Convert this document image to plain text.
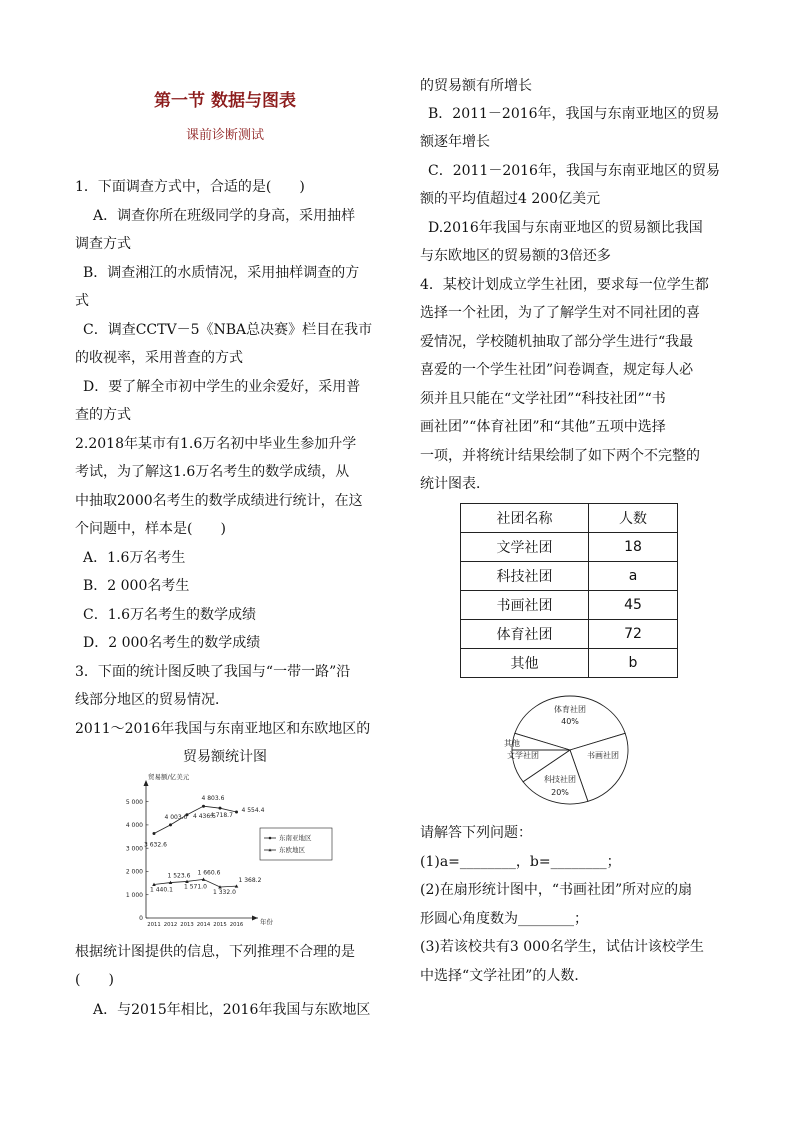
第一节 数据与图表
课前诊断测试
1．下面调查方式中，合适的是(　　)
A．调查你所在班级同学的身高，采用抽样
调查方式
B．调查湘江的水质情况，采用抽样调查的方
式
C．调查CCTV－5《NBA总决赛》栏目在我市
的收视率，采用普查的方式
D．要了解全市初中学生的业余爱好，采用普
查的方式
2.2018年某市有1.6万名初中毕业生参加升学
考试，为了解这1.6万名考生的数学成绩，从
中抽取2000名考生的数学成绩进行统计，在这
个问题中，样本是(　　)
A．1.6万名考生
B．2 000名考生
C．1.6万名考生的数学成绩
D．2 000名考生的数学成绩
3．下面的统计图反映了我国与“一带一路”沿
线部分地区的贸易情况．
2011～2016年我国与东南亚地区和东欧地区的
贸易额统计图
根据统计图提供的信息，下列推理不合理的是
(　　)
A．与2015年相比，2016年我国与东欧地区
贸易额/亿美元
年份
0
1 000
2 000
3 000
4 000
5 000
2011 2012 2013 2014 2015 2016
3 632.6
4 003.0 4 436.5
4 803.6
4 718.7
4 554.4
1 440.1
1 523.6
1 571.0
1 660.6
1 332.0
1 368.2
东南亚地区
东欧地区
的贸易额有所增长
B．2011－2016年，我国与东南亚地区的贸易
额逐年增长
C．2011－2016年，我国与东南亚地区的贸易
额的平均值超过4 200亿美元
D.2016年我国与东南亚地区的贸易额比我国
与东欧地区的贸易额的3倍还多
4．某校计划成立学生社团，要求每一位学生都
选择一个社团，为了了解学生对不同社团的喜
爱情况，学校随机抽取了部分学生进行“我最
喜爱的一个学生社团”问卷调查，规定每人必
须并且只能在“文学社团”“科技社团”“书
画社团”“体育社团”和“其他”五项中选择
一项，并将统计结果绘制了如下两个不完整的
统计图表．
请解答下列问题：
(1)a=________，b=________；
(2)在扇形统计图中，“书画社团”所对应的扇
形圆心角度数为________；
(3)若该校共有3 000名学生，试估计该校学生
中选择“文学社团”的人数．
社团名称	人数
文学社团	18
科技社团	a
书画社团	45
体育社团	72
其他	b
体育社团
40%
书画社团
科技社团
20%
文学社团
其他
